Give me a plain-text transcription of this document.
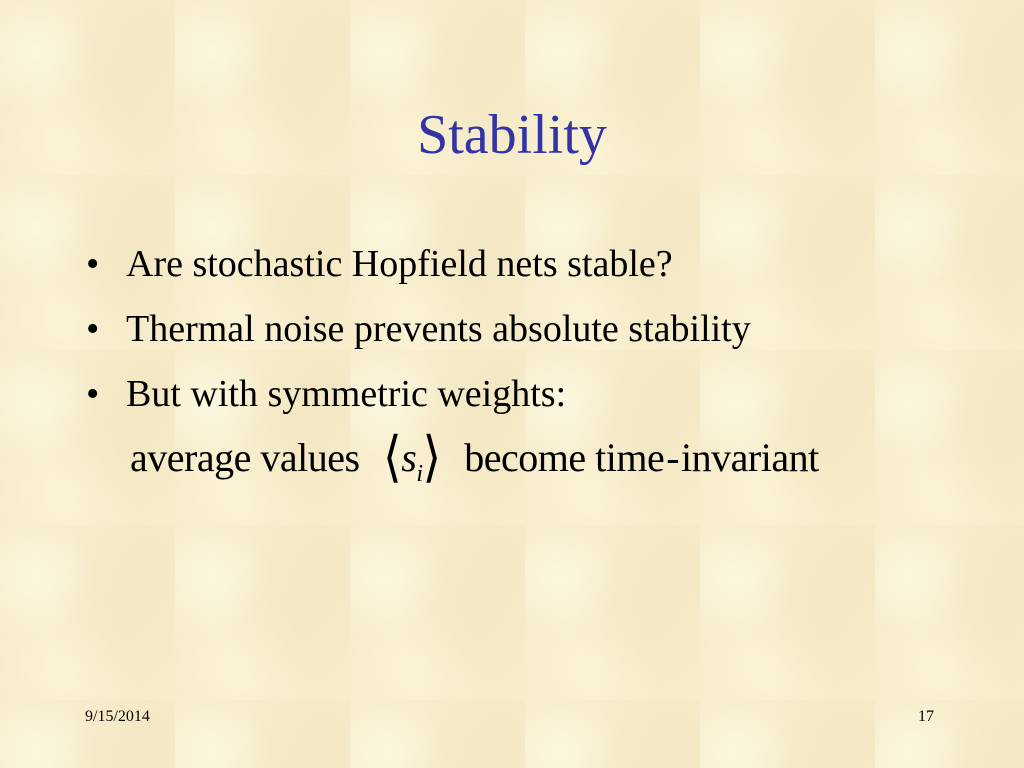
Stability
• Are stochastic Hopfield nets stable?
• Thermal noise prevents absolute stability
• But with symmetric weights:
average values $⟨s_i⟩$ become time-invariant
9/15/2014	17
